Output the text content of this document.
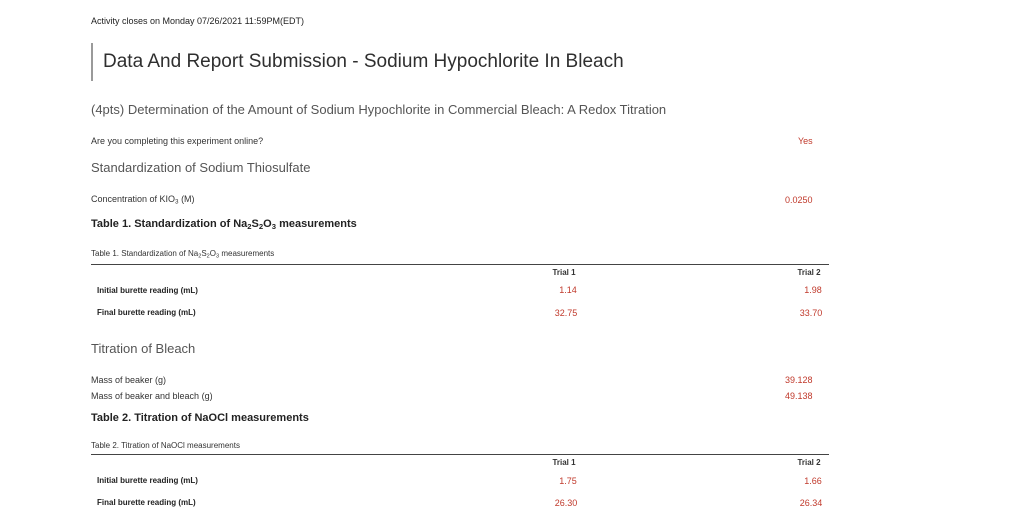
Activity closes on Monday 07/26/2021 11:59PM(EDT)
Data And Report Submission - Sodium Hypochlorite In Bleach
(4pts) Determination of the Amount of Sodium Hypochlorite in Commercial Bleach: A Redox Titration
Are you completing this experiment online?	Yes
Standardization of Sodium Thiosulfate
Concentration of $KIO_3$ (M)	0.0250
Table 1. Standardization of $Na_2S_2O_3$ measurements
Table 1. Standardization of $Na_2S_2O_3$ measurements
Trial 1	Trial 2
Initial burette reading (mL)	1.14	1.98
Final burette reading (mL)	32.75	33.70
Titration of Bleach
Mass of beaker (g)	39.128
Mass of beaker and bleach (g)	49.138
Table 2. Titration of NaOCl measurements
Table 2. Titration of NaOCl measurements
Trial 1	Trial 2
Initial burette reading (mL)	1.75	1.66
Final burette reading (mL)	26.30	26.34
